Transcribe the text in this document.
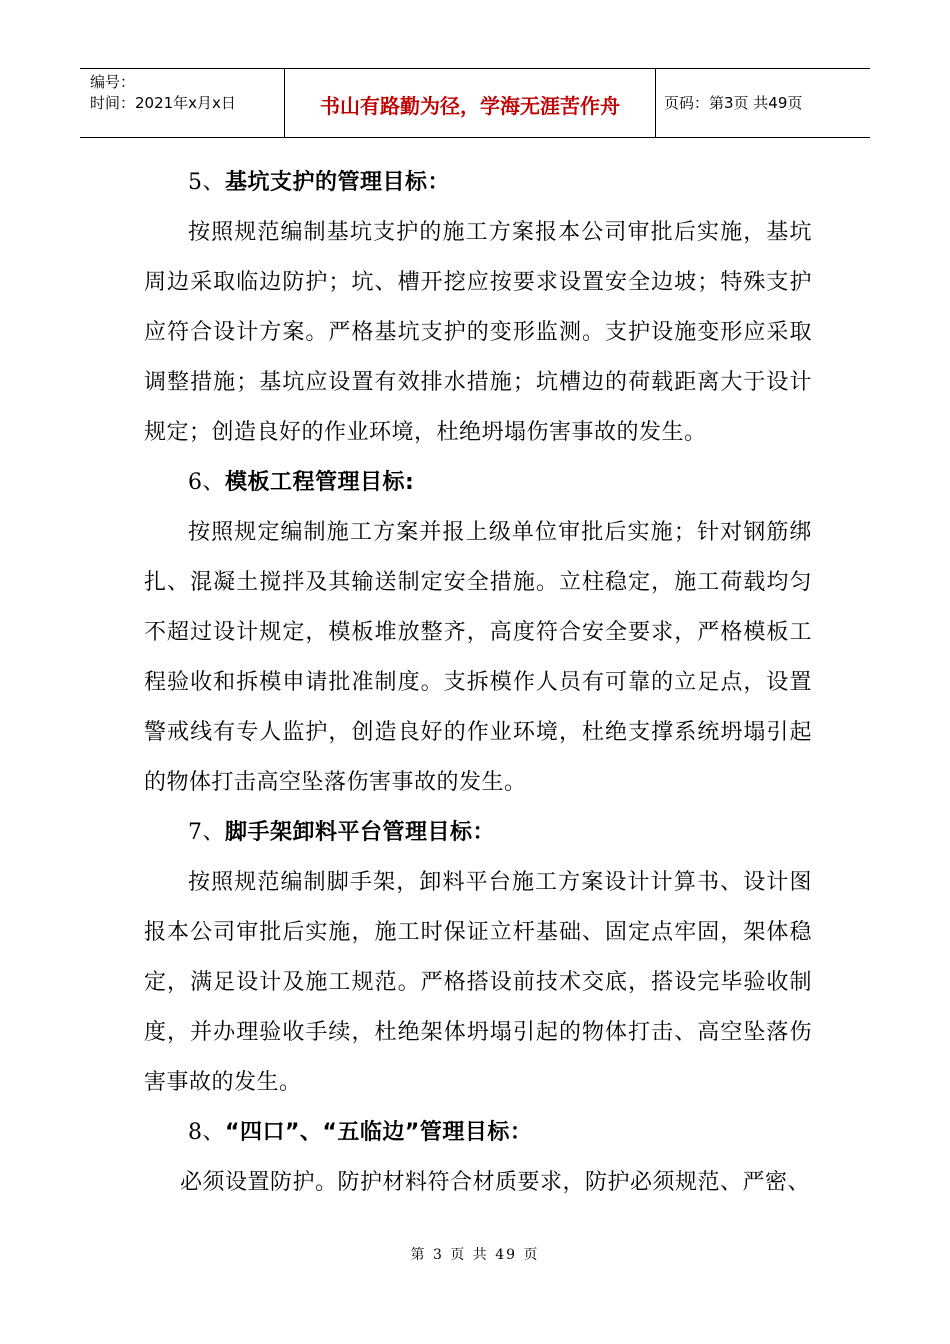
编号：
时间：2021年x月x日	书山有路勤为径，学海无涯苦作舟	页码：第3页 共49页

5、基坑支护的管理目标：

按照规范编制基坑支护的施工方案报本公司审批后实施，基坑周边采取临边防护；坑、槽开挖应按要求设置安全边坡；特殊支护应符合设计方案。严格基坑支护的变形监测。支护设施变形应采取调整措施；基坑应设置有效排水措施；坑槽边的荷载距离大于设计规定；创造良好的作业环境，杜绝坍塌伤害事故的发生。

6、模板工程管理目标:

按照规定编制施工方案并报上级单位审批后实施；针对钢筋绑扎、混凝土搅拌及其输送制定安全措施。立柱稳定，施工荷载均匀不超过设计规定，模板堆放整齐，高度符合安全要求，严格模板工程验收和拆模申请批准制度。支拆模作人员有可靠的立足点，设置警戒线有专人监护，创造良好的作业环境，杜绝支撑系统坍塌引起的物体打击高空坠落伤害事故的发生。

7、脚手架卸料平台管理目标：

按照规范编制脚手架，卸料平台施工方案设计计算书、设计图报本公司审批后实施，施工时保证立杆基础、固定点牢固，架体稳定，满足设计及施工规范。严格搭设前技术交底，搭设完毕验收制度，并办理验收手续，杜绝架体坍塌引起的物体打击、高空坠落伤害事故的发生。

8、“四口”、“五临边”管理目标：

必须设置防护。防护材料符合材质要求，防护必须规范、严密、

第 3 页 共 49 页
